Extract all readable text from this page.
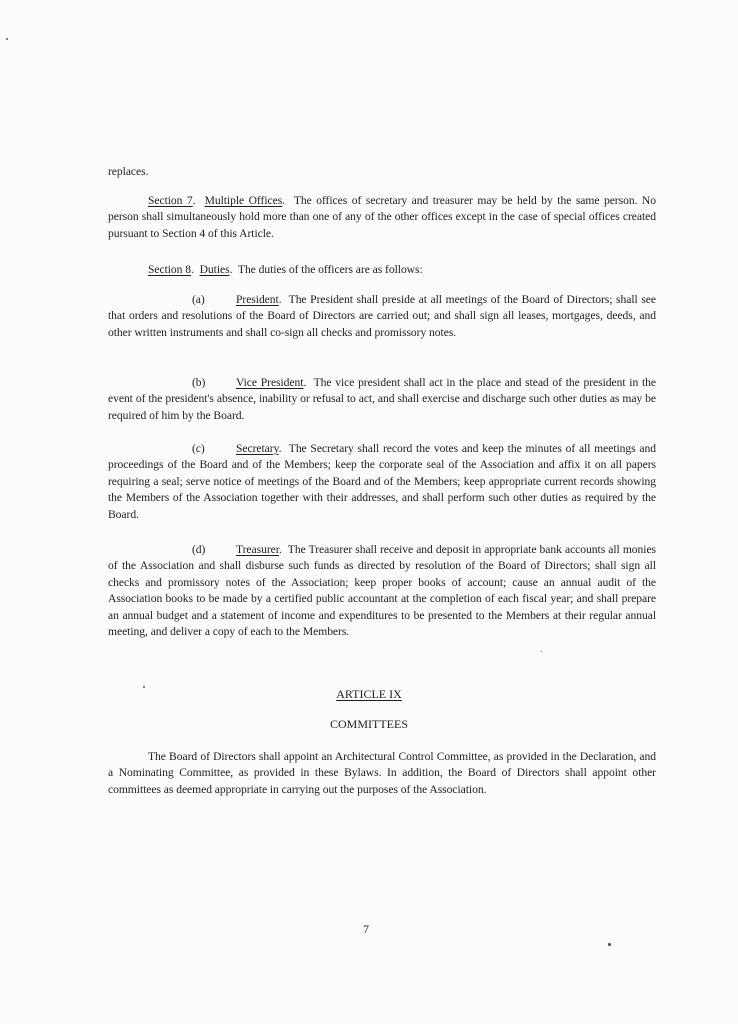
replaces.
Section 7.  Multiple Offices.  The offices of secretary and treasurer may be held by the same person. No person shall simultaneously hold more than one of any of the other offices except in the case of special offices created pursuant to Section 4 of this Article.
Section 8.  Duties.  The duties of the officers are as follows:
(a)	President.  The President shall preside at all meetings of the Board of Directors; shall see that orders and resolutions of the Board of Directors are carried out; and shall sign all leases, mortgages, deeds, and other written instruments and shall co-sign all checks and promissory notes.
(b)	Vice President.  The vice president shall act in the place and stead of the president in the event of the president's absence, inability or refusal to act, and shall exercise and discharge such other duties as may be required of him by the Board.
(c)	Secretary.  The Secretary shall record the votes and keep the minutes of all meetings and proceedings of the Board and of the Members; keep the corporate seal of the Association and affix it on all papers requiring a seal; serve notice of meetings of the Board and of the Members; keep appropriate current records showing the Members of the Association together with their addresses, and shall perform such other duties as required by the Board.
(d)	Treasurer.  The Treasurer shall receive and deposit in appropriate bank accounts all monies of the Association and shall disburse such funds as directed by resolution of the Board of Directors; shall sign all checks and promissory notes of the Association; keep proper books of account; cause an annual audit of the Association books to be made by a certified public accountant at the completion of each fiscal year; and shall prepare an annual budget and a statement of income and expenditures to be presented to the Members at their regular annual meeting, and deliver a copy of each to the Members.
ARTICLE IX
COMMITTEES
The Board of Directors shall appoint an Architectural Control Committee, as provided in the Declaration, and a Nominating Committee, as provided in these Bylaws. In addition, the Board of Directors shall appoint other committees as deemed appropriate in carrying out the purposes of the Association.
7
